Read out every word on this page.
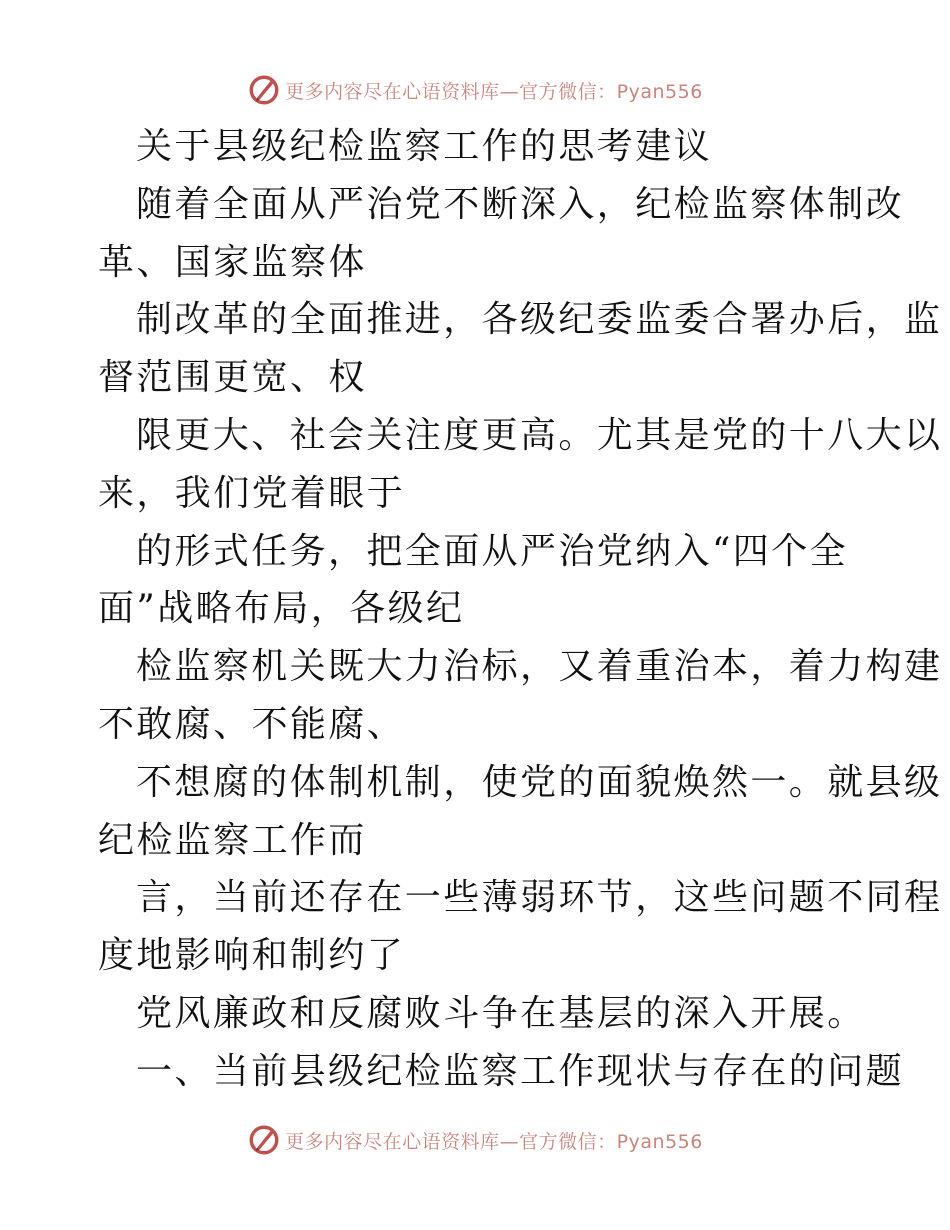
更多内容尽在心语资料库—官方微信：Pyan556
关于县级纪检监察工作的思考建议
随着全面从严治党不断深入，纪检监察体制改
革、国家监察体
制改革的全面推进，各级纪委监委合署办后，监
督范围更宽、权
限更大、社会关注度更高。尤其是党的十八大以
来，我们党着眼于
的形式任务，把全面从严治党纳入“四个全
面”战略布局，各级纪
检监察机关既大力治标，又着重治本，着力构建
不敢腐、不能腐、
不想腐的体制机制，使党的面貌焕然一。就县级
纪检监察工作而
言，当前还存在一些薄弱环节，这些问题不同程
度地影响和制约了
党风廉政和反腐败斗争在基层的深入开展。
一、当前县级纪检监察工作现状与存在的问题
更多内容尽在心语资料库—官方微信：Pyan556
